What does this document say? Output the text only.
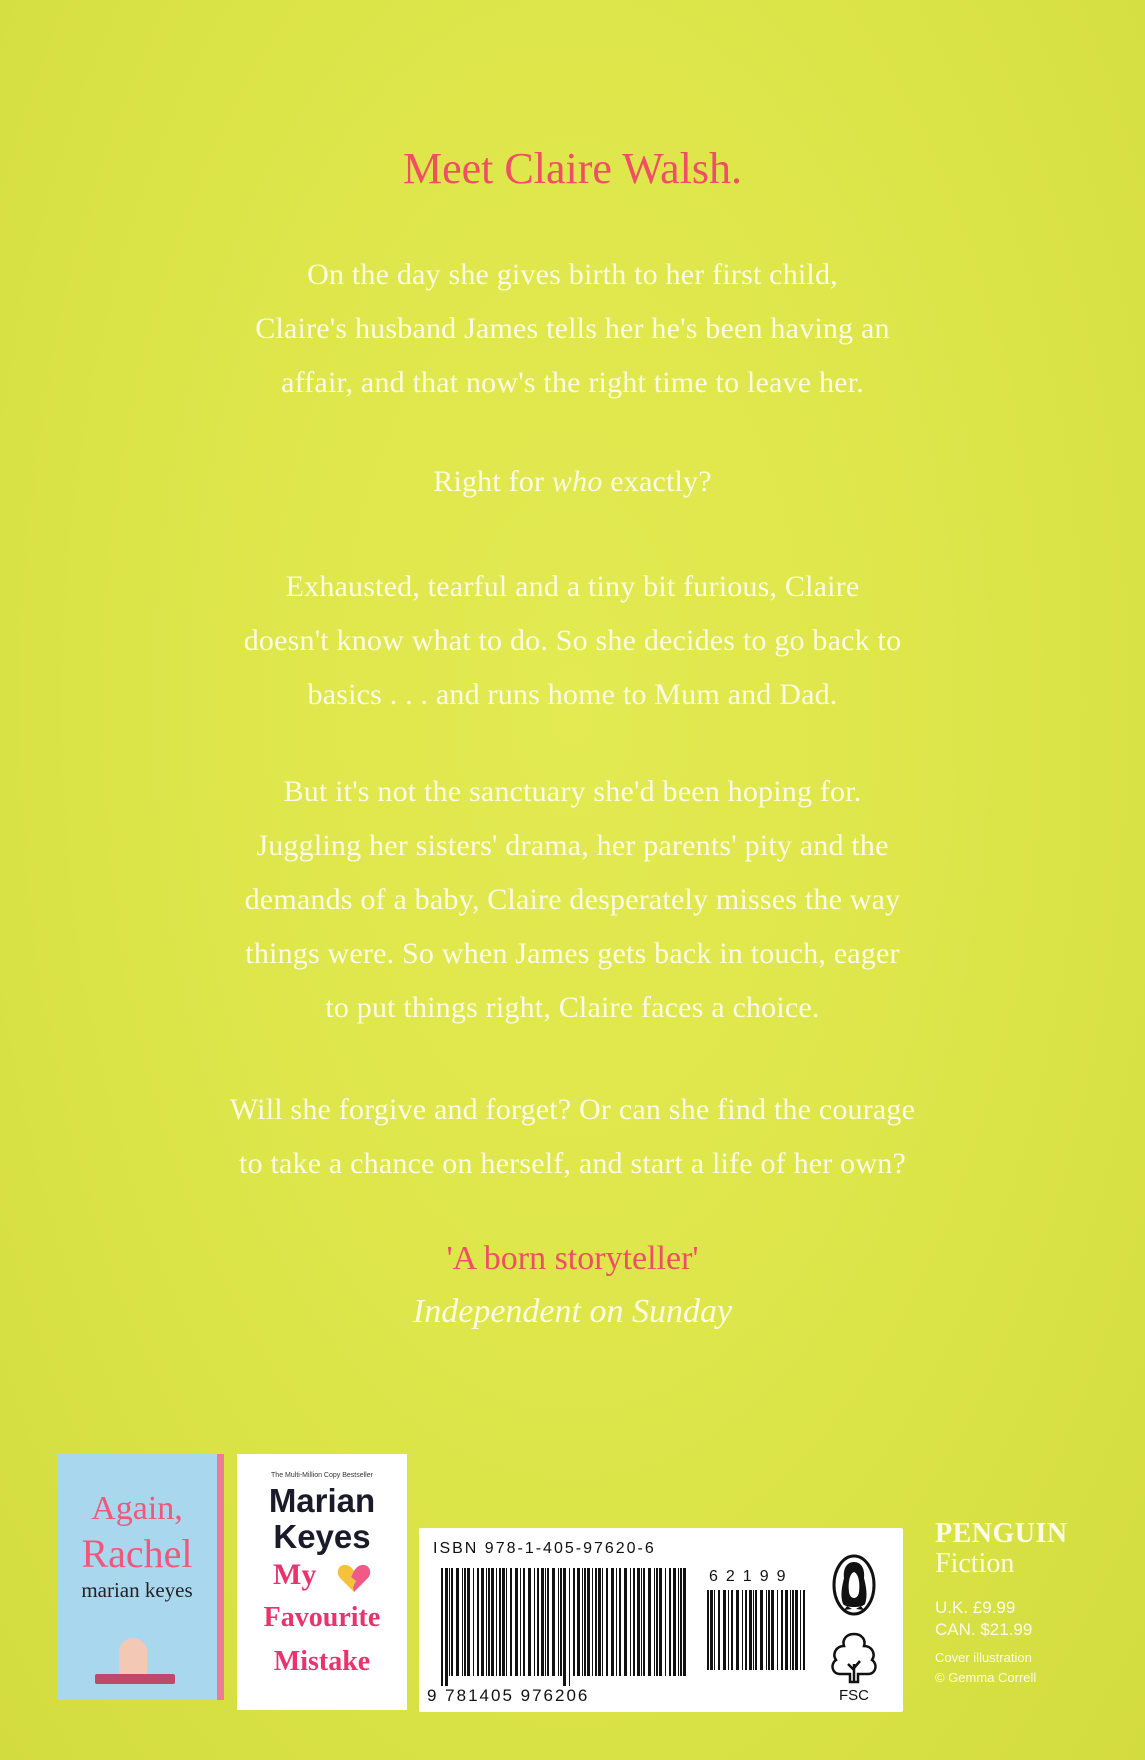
Meet Claire Walsh.
On the day she gives birth to her first child,
Claire's husband James tells her he's been having an
affair, and that now's the right time to leave her.
Right for who exactly?
Exhausted, tearful and a tiny bit furious, Claire
doesn't know what to do. So she decides to go back to
basics . . . and runs home to Mum and Dad.
But it's not the sanctuary she'd been hoping for.
Juggling her sisters' drama, her parents' pity and the
demands of a baby, Claire desperately misses the way
things were. So when James gets back in touch, eager
to put things right, Claire faces a choice.
Will she forgive and forget? Or can she find the courage
to take a chance on herself, and start a life of her own?
'A born storyteller'
Independent on Sunday
Again,
Rachel
marian keyes
The Multi-Million Copy Bestseller
Marian
Keyes
My
Favourite
Mistake
ISBN 978-1-405-97620-6
62199
9 781405 976206	FSC
PENGUIN
Fiction
U.K. £9.99
CAN. $21.99
Cover illustration
© Gemma Correll
